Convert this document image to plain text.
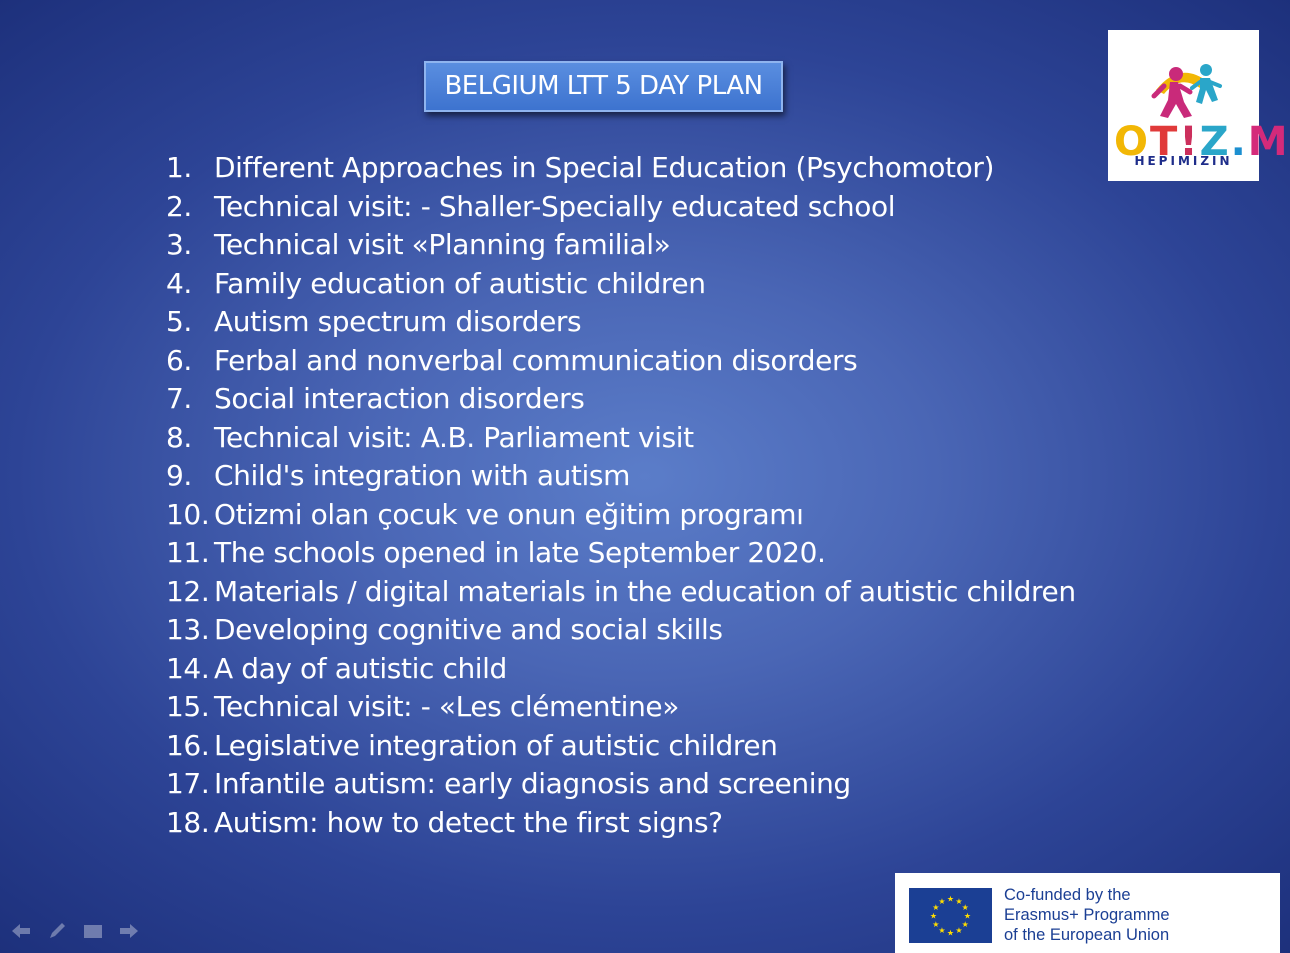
BELGIUM LTT 5 DAY PLAN
1. Different Approaches in Special Education (Psychomotor)
2. Technical visit: - Shaller-Specially educated school
3. Technical visit «Planning familial»
4. Family education of autistic children
5. Autism spectrum disorders
6. Ferbal and nonverbal communication disorders
7. Social interaction disorders
8. Technical visit: A.B. Parliament visit
9. Child's integration with autism
10. Otizmi olan çocuk ve onun eğitim programı
11. The schools opened in late September 2020.
12. Materials / digital materials in the education of autistic children
13. Developing cognitive and social skills
14. A day of autistic child
15. Technical visit: - «Les clémentine»
16. Legislative integration of autistic children
17. Infantile autism: early diagnosis and screening
18. Autism: how to detect the first signs?
OT!Z.M
HEPIMIZIN
★ ★
★
★
★
★
★
★
★
★
★
★	Co-funded by the
Erasmus+ Programme
of the European Union
